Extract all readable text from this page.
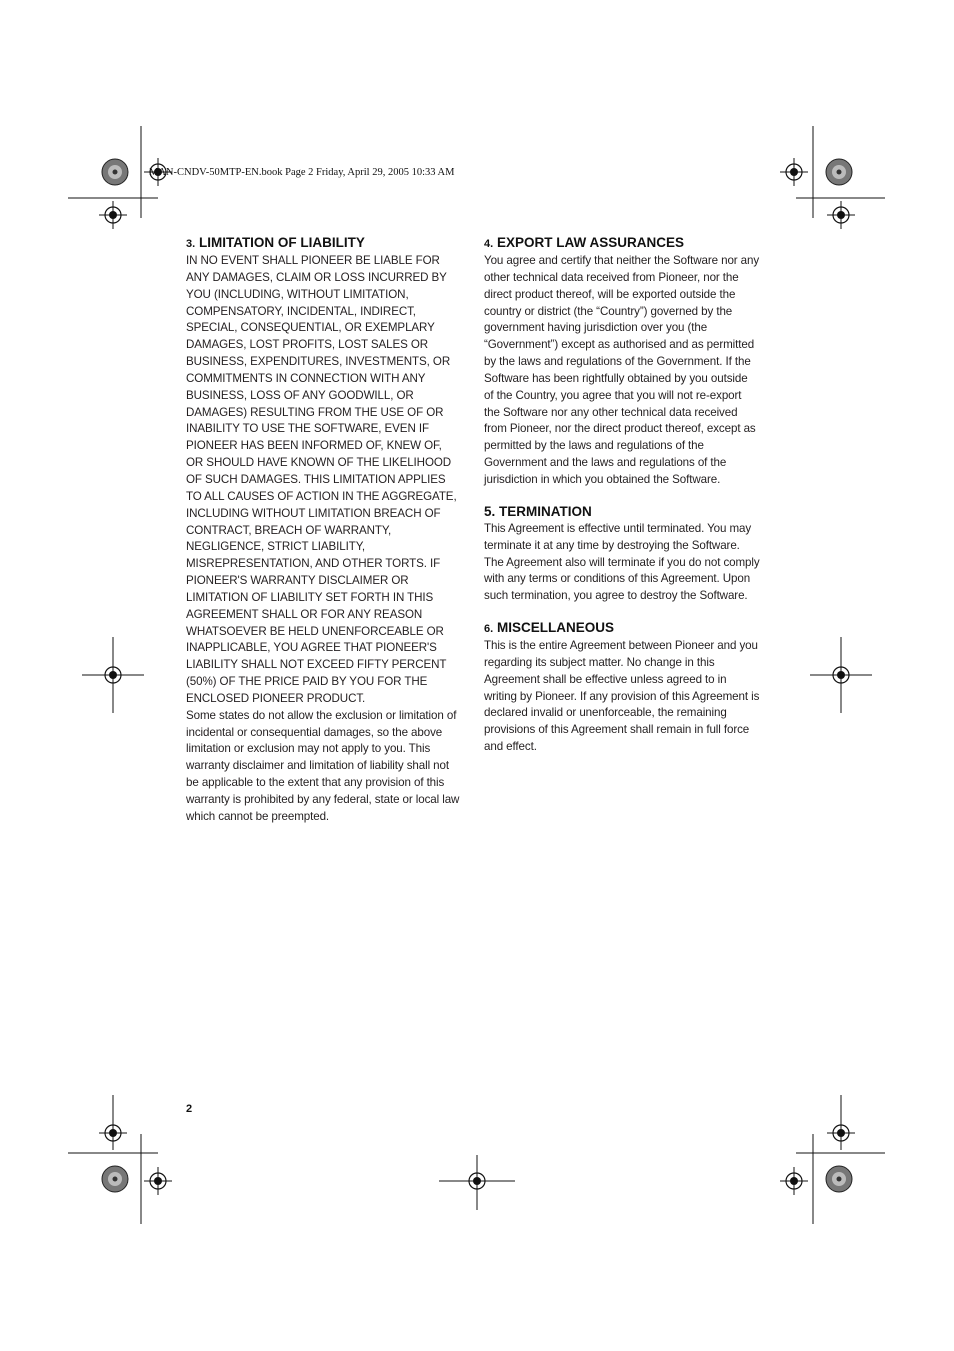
MAN-CNDV-50MTP-EN.book Page 2 Friday, April 29, 2005 10:33 AM
3. LIMITATION OF LIABILITY

IN NO EVENT SHALL PIONEER BE LIABLE FOR ANY DAMAGES, CLAIM OR LOSS INCURRED BY YOU (INCLUDING, WITHOUT LIMITATION, COMPENSATORY, INCIDENTAL, INDIRECT, SPECIAL, CONSEQUENTIAL, OR EXEMPLARY DAMAGES, LOST PROFITS, LOST SALES OR BUSINESS, EXPENDITURES, INVESTMENTS, OR COMMITMENTS IN CONNECTION WITH ANY BUSINESS, LOSS OF ANY GOODWILL, OR DAMAGES) RESULTING FROM THE USE OF OR INABILITY TO USE THE SOFTWARE, EVEN IF PIONEER HAS BEEN INFORMED OF, KNEW OF, OR SHOULD HAVE KNOWN OF THE LIKELIHOOD OF SUCH DAMAGES. THIS LIMITATION APPLIES TO ALL CAUSES OF ACTION IN THE AGGREGATE, INCLUDING WITHOUT LIMITATION BREACH OF CONTRACT, BREACH OF WARRANTY, NEGLIGENCE, STRICT LIABILITY, MISREPRESENTATION, AND OTHER TORTS. IF PIONEER'S WARRANTY DISCLAIMER OR LIMITATION OF LIABILITY SET FORTH IN THIS AGREEMENT SHALL OR FOR ANY REASON WHATSOEVER BE HELD UNENFORCEABLE OR INAPPLICABLE, YOU AGREE THAT PIONEER'S LIABILITY SHALL NOT EXCEED FIFTY PERCENT (50%) OF THE PRICE PAID BY YOU FOR THE ENCLOSED PIONEER PRODUCT.

Some states do not allow the exclusion or limitation of incidental or consequential damages, so the above limitation or exclusion may not apply to you. This warranty disclaimer and limitation of liability shall not be applicable to the extent that any provision of this warranty is prohibited by any federal, state or local law which cannot be preempted.

4. EXPORT LAW ASSURANCES

You agree and certify that neither the Software nor any other technical data received from Pioneer, nor the direct product thereof, will be exported outside the country or district (the “Country”) governed by the government having jurisdiction over you (the “Government”) except as authorised and as permitted by the laws and regulations of the Government. If the Software has been rightfully obtained by you outside of the Country, you agree that you will not re-export the Software nor any other technical data received from Pioneer, nor the direct product thereof, except as permitted by the laws and regulations of the Government and the laws and regulations of the jurisdiction in which you obtained the Software.

5. TERMINATION

This Agreement is effective until terminated. You may terminate it at any time by destroying the Software. The Agreement also will terminate if you do not comply with any terms or conditions of this Agreement. Upon such termination, you agree to destroy the Software.

6. MISCELLANEOUS

This is the entire Agreement between Pioneer and you regarding its subject matter. No change in this Agreement shall be effective unless agreed to in writing by Pioneer. If any provision of this Agreement is declared invalid or unenforceable, the remaining provisions of this Agreement shall remain in full force and effect.

2
